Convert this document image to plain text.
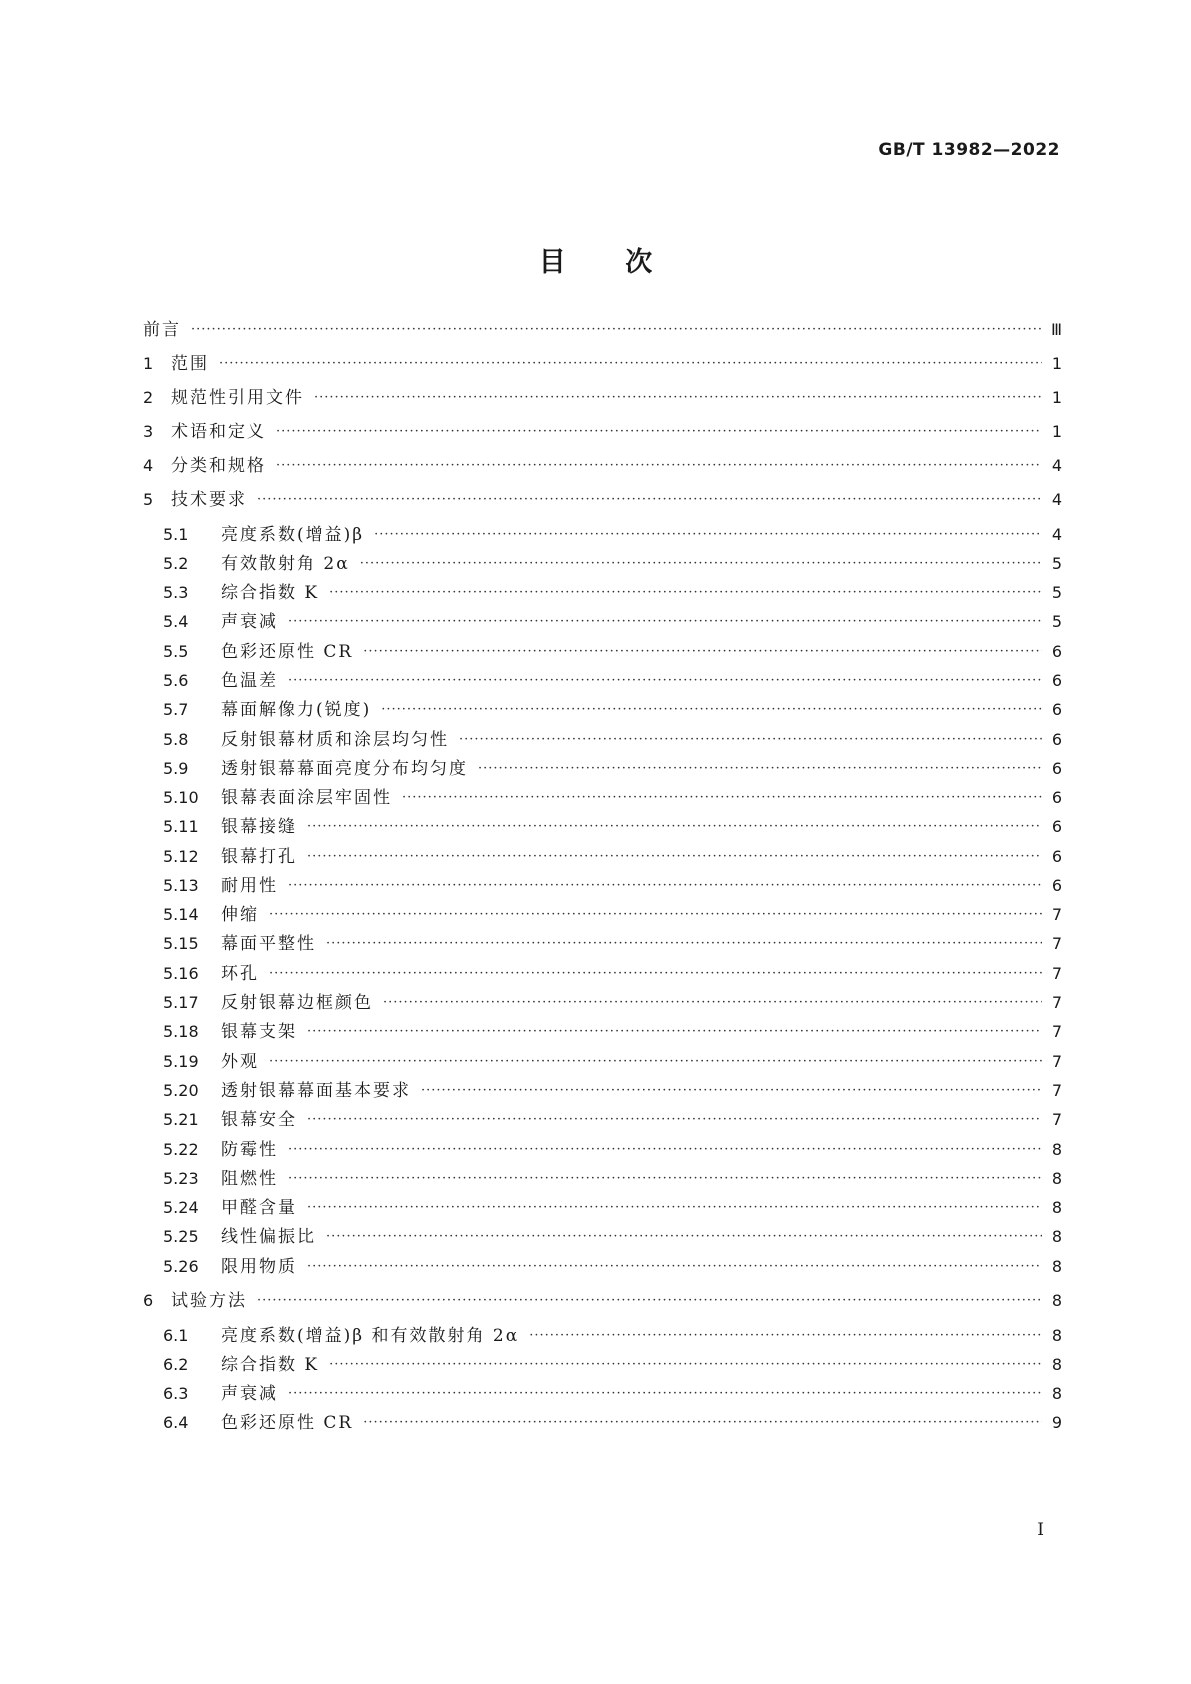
GB/T 13982—2022
目 次
前言 ·····	Ⅲ
1	范围 ·····	1
2	规范性引用文件 ·····	1
3	术语和定义 ·····	1
4	分类和规格 ·····	4
5	技术要求 ·····	4
5.1	亮度系数(增益)β ·····	4
5.2	有效散射角 2α ·····	5
5.3	综合指数 K ·····	5
5.4	声衰减 ·····	5
5.5	色彩还原性 CR ·····	6
5.6	色温差 ·····	6
5.7	幕面解像力(锐度) ·····	6
5.8	反射银幕材质和涂层均匀性 ·····	6
5.9	透射银幕幕面亮度分布均匀度 ·····	6
5.10	银幕表面涂层牢固性 ·····	6
5.11	银幕接缝 ·····	6
5.12	银幕打孔 ·····	6
5.13	耐用性 ·····	6
5.14	伸缩 ·····	7
5.15	幕面平整性 ·····	7
5.16	环孔 ·····	7
5.17	反射银幕边框颜色 ·····	7
5.18	银幕支架 ·····	7
5.19	外观 ·····	7
5.20	透射银幕幕面基本要求 ·····	7
5.21	银幕安全 ·····	7
5.22	防霉性 ·····	8
5.23	阻燃性 ·····	8
5.24	甲醛含量 ·····	8
5.25	线性偏振比 ·····	8
5.26	限用物质 ·····	8
6	试验方法 ·····	8
6.1	亮度系数(增益)β 和有效散射角 2α ·····	8
6.2	综合指数 K ·····	8
6.3	声衰减 ·····	8
6.4	色彩还原性 CR ·····	9
I
